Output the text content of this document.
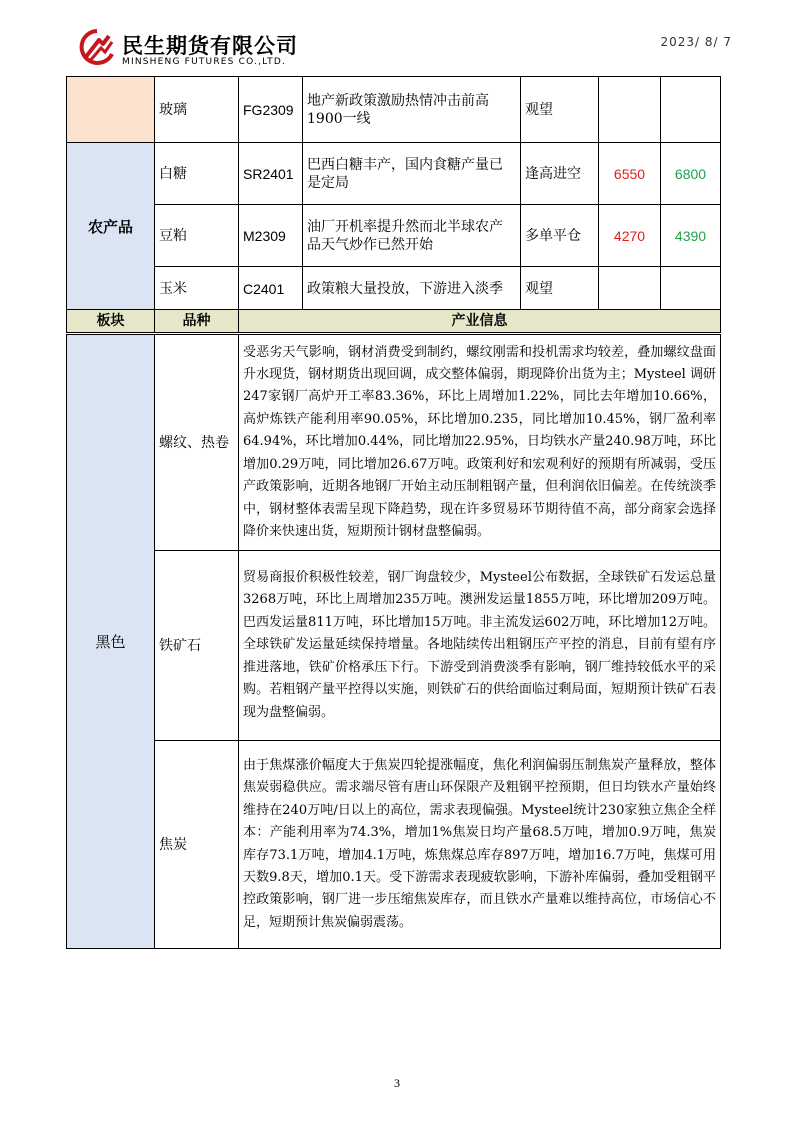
民生期货有限公司
MINSHENG FUTURES CO.,LTD.
2023/ 8/ 7
	玻璃	FG2309	地产新政策激励热情冲击前高1900一线	观望		
农产品	白糖	SR2401	巴西白糖丰产，国内食糖产量已是定局	逢高进空	6550	6800
	豆粕	M2309	油厂开机率提升然而北半球农产品天气炒作已然开始	多单平仓	4270	4390
	玉米	C2401	政策粮大量投放，下游进入淡季	观望		
板块	品种	产业信息
黑色	螺纹、热卷	受恶劣天气影响，钢材消费受到制约，螺纹刚需和投机需求均较差，叠加螺纹盘面升水现货，钢材期货出现回调，成交整体偏弱，期现降价出货为主；Mysteel 调研247家钢厂高炉开工率83.36%，环比上周增加1.22%，同比去年增加10.66%，高炉炼铁产能利用率90.05%，环比增加0.235，同比增加10.45%，钢厂盈利率64.94%，环比增加0.44%，同比增加22.95%，日均铁水产量240.98万吨，环比增加0.29万吨，同比增加26.67万吨。政策利好和宏观利好的预期有所减弱，受压产政策影响，近期各地钢厂开始主动压制粗钢产量，但利润依旧偏差。在传统淡季中，钢材整体表需呈现下降趋势，现在许多贸易环节期待值不高，部分商家会选择降价来快速出货，短期预计钢材盘整偏弱。
	铁矿石	贸易商报价积极性较差，钢厂询盘较少，Mysteel公布数据，全球铁矿石发运总量3268万吨，环比上周增加235万吨。澳洲发运量1855万吨，环比增加209万吨。巴西发运量811万吨，环比增加15万吨。非主流发运602万吨，环比增加12万吨。全球铁矿发运量延续保持增量。各地陆续传出粗钢压产平控的消息，目前有望有序推进落地，铁矿价格承压下行。下游受到消费淡季有影响，钢厂维持较低水平的采购。若粗钢产量平控得以实施，则铁矿石的供给面临过剩局面，短期预计铁矿石表现为盘整偏弱。
	焦炭	由于焦煤涨价幅度大于焦炭四轮提涨幅度，焦化利润偏弱压制焦炭产量释放，整体焦炭弱稳供应。需求端尽管有唐山环保限产及粗钢平控预期，但日均铁水产量始终维持在240万吨/日以上的高位，需求表现偏强。Mysteel统计230家独立焦企全样本：产能利用率为74.3%，增加1%焦炭日均产量68.5万吨，增加0.9万吨，焦炭库存73.1万吨，增加4.1万吨，炼焦煤总库存897万吨，增加16.7万吨，焦煤可用天数9.8天，增加0.1天。受下游需求表现疲软影响，下游补库偏弱，叠加受粗钢平控政策影响，钢厂进一步压缩焦炭库存，而且铁水产量难以维持高位，市场信心不足，短期预计焦炭偏弱震荡。
3
